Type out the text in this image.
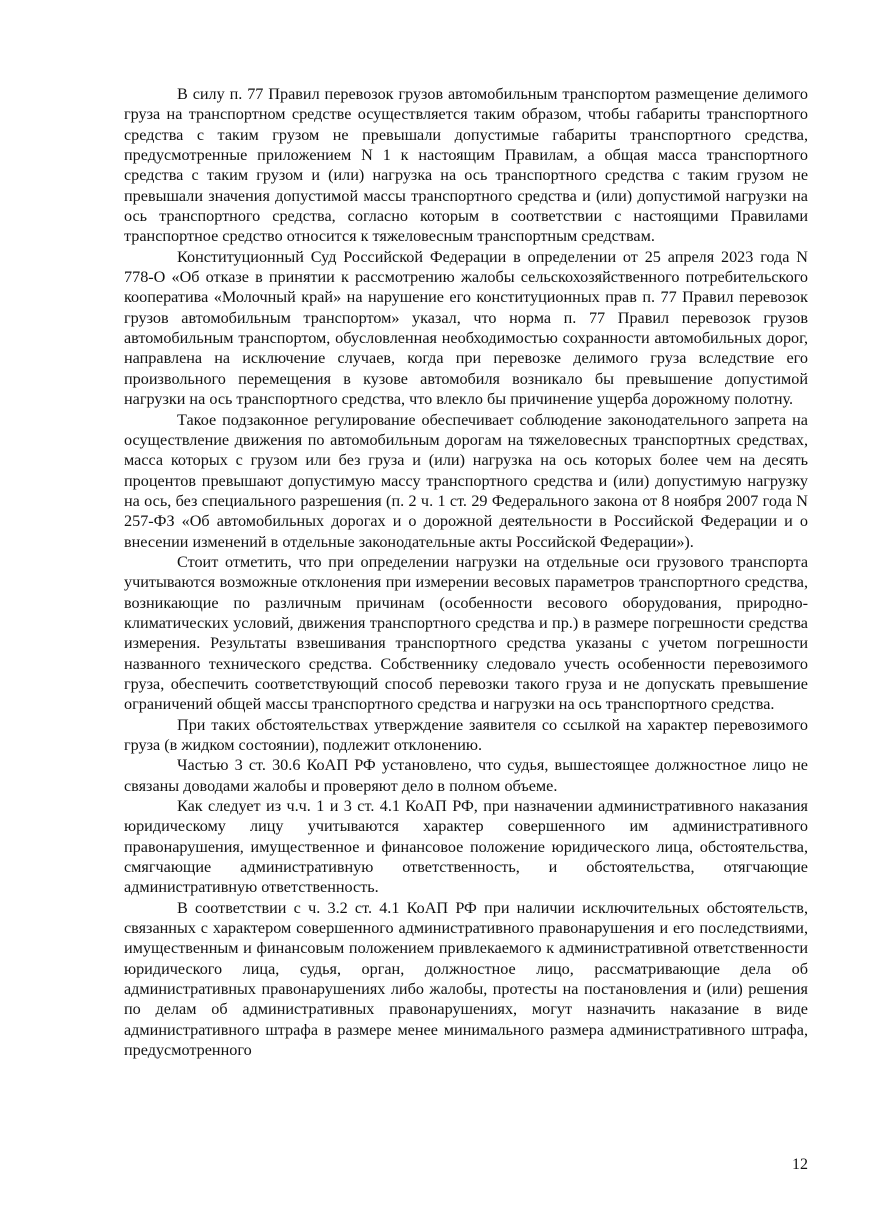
В силу п. 77 Правил перевозок грузов автомобильным транспортом размещение делимого груза на транспортном средстве осуществляется таким образом, чтобы габариты транспортного средства с таким грузом не превышали допустимые габариты транспортного средства, предусмотренные приложением N 1 к настоящим Правилам, а общая масса транспортного средства с таким грузом и (или) нагрузка на ось транспортного средства с таким грузом не превышали значения допустимой массы транспортного средства и (или) допустимой нагрузки на ось транспортного средства, согласно которым в соответствии с настоящими Правилами транспортное средство относится к тяжеловесным транспортным средствам.

Конституционный Суд Российской Федерации в определении от 25 апреля 2023 года N 778-О «Об отказе в принятии к рассмотрению жалобы сельскохозяйственного потребительского кооператива «Молочный край» на нарушение его конституционных прав п. 77 Правил перевозок грузов автомобильным транспортом» указал, что норма п. 77 Правил перевозок грузов автомобильным транспортом, обусловленная необходимостью сохранности автомобильных дорог, направлена на исключение случаев, когда при перевозке делимого груза вследствие его произвольного перемещения в кузове автомобиля возникало бы превышение допустимой нагрузки на ось транспортного средства, что влекло бы причинение ущерба дорожному полотну.

Такое подзаконное регулирование обеспечивает соблюдение законодательного запрета на осуществление движения по автомобильным дорогам на тяжеловесных транспортных средствах, масса которых с грузом или без груза и (или) нагрузка на ось которых более чем на десять процентов превышают допустимую массу транспортного средства и (или) допустимую нагрузку на ось, без специального разрешения (п. 2 ч. 1 ст. 29 Федерального закона от 8 ноября 2007 года N 257-ФЗ «Об автомобильных дорогах и о дорожной деятельности в Российской Федерации и о внесении изменений в отдельные законодательные акты Российской Федерации»).

Стоит отметить, что при определении нагрузки на отдельные оси грузового транспорта учитываются возможные отклонения при измерении весовых параметров транспортного средства, возникающие по различным причинам (особенности весового оборудования, природно-климатических условий, движения транспортного средства и пр.) в размере погрешности средства измерения. Результаты взвешивания транспортного средства указаны с учетом погрешности названного технического средства. Собственнику следовало учесть особенности перевозимого груза, обеспечить соответствующий способ перевозки такого груза и не допускать превышение ограничений общей массы транспортного средства и нагрузки на ось транспортного средства.

При таких обстоятельствах утверждение заявителя со ссылкой на характер перевозимого груза (в жидком состоянии), подлежит отклонению.

Частью 3 ст. 30.6 КоАП РФ установлено, что судья, вышестоящее должностное лицо не связаны доводами жалобы и проверяют дело в полном объеме.

Как следует из ч.ч. 1 и 3 ст. 4.1 КоАП РФ, при назначении административного наказания юридическому лицу учитываются характер совершенного им административного правонарушения, имущественное и финансовое положение юридического лица, обстоятельства, смягчающие административную ответственность, и обстоятельства, отягчающие административную ответственность.

В соответствии с ч. 3.2 ст. 4.1 КоАП РФ при наличии исключительных обстоятельств, связанных с характером совершенного административного правонарушения и его последствиями, имущественным и финансовым положением привлекаемого к административной ответственности юридического лица, судья, орган, должностное лицо, рассматривающие дела об административных правонарушениях либо жалобы, протесты на постановления и (или) решения по делам об административных правонарушениях, могут назначить наказание в виде административного штрафа в размере менее минимального размера административного штрафа, предусмотренного

12
